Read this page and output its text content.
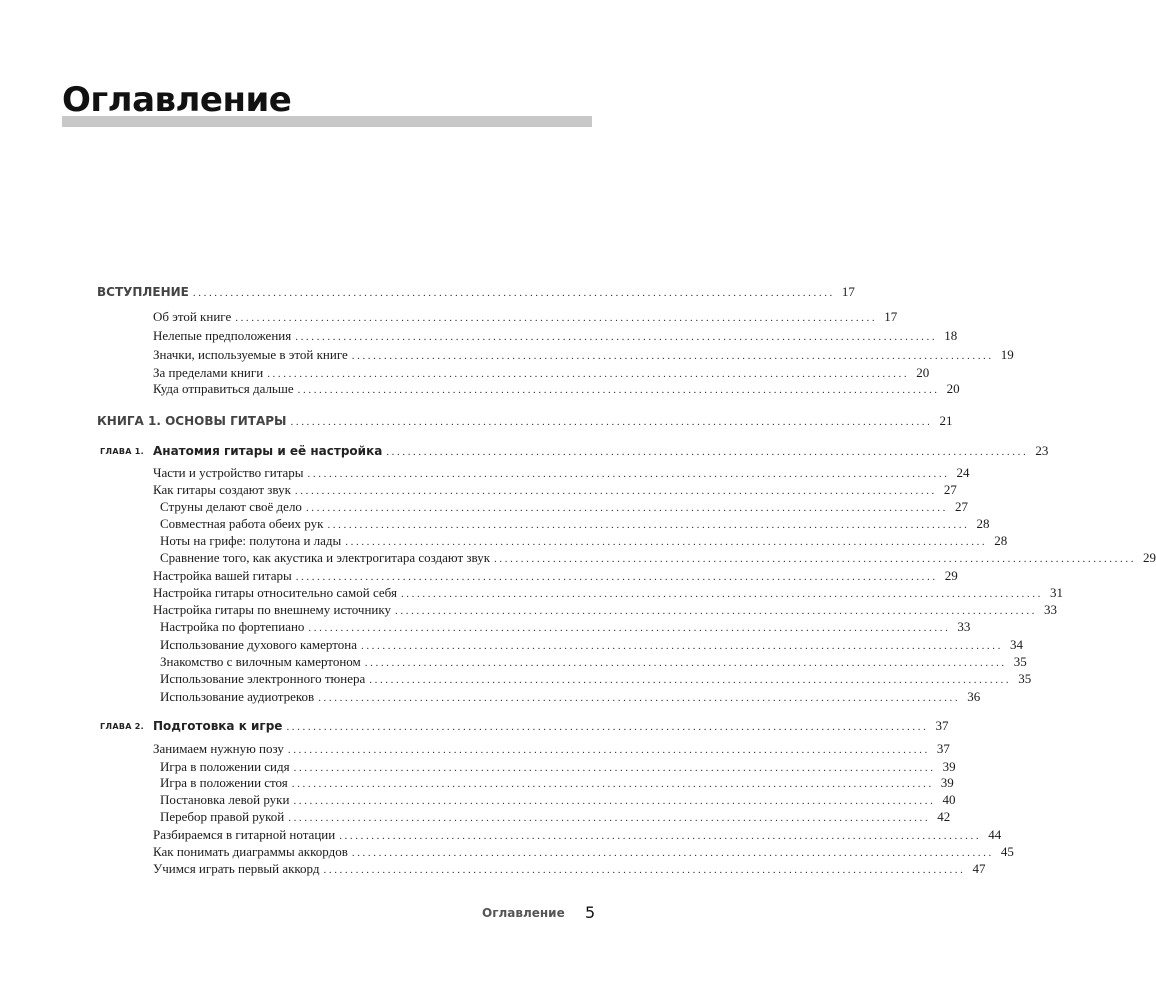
Оглавление
ВСТУПЛЕНИЕ ........................................................................................................................ 17
Об этой книге ........................................................................................................................ 17
Нелепые предположения ........................................................................................................................ 18
Значки, используемые в этой книге ........................................................................................................................ 19
За пределами книги ........................................................................................................................ 20
Куда отправиться дальше ........................................................................................................................ 20
КНИГА 1. ОСНОВЫ ГИТАРЫ ........................................................................................................................ 21
Анатомия гитары и её настройка ........................................................................................................................ 23
ГЛАВА 1.
Части и устройство гитары ........................................................................................................................ 24
Как гитары создают звук ........................................................................................................................ 27
Струны делают своё дело ........................................................................................................................ 27
Совместная работа обеих рук ........................................................................................................................ 28
Ноты на грифе: полутона и лады ........................................................................................................................ 28
Сравнение того, как акустика и электрогитара создают звук ........................................................................................................................ 29
Настройка вашей гитары ........................................................................................................................ 29
Настройка гитары относительно самой себя ........................................................................................................................ 31
Настройка гитары по внешнему источнику ........................................................................................................................ 33
Настройка по фортепиано ........................................................................................................................ 33
Использование духового камертона ........................................................................................................................ 34
Знакомство с вилочным камертоном ........................................................................................................................ 35
Использование электронного тюнера ........................................................................................................................ 35
Использование аудиотреков ........................................................................................................................ 36
Подготовка к игре ........................................................................................................................ 37
ГЛАВА 2.
Занимаем нужную позу ........................................................................................................................ 37
Игра в положении сидя ........................................................................................................................ 39
Игра в положении стоя ........................................................................................................................ 39
Постановка левой руки ........................................................................................................................ 40
Перебор правой рукой ........................................................................................................................ 42
Разбираемся в гитарной нотации ........................................................................................................................ 44
Как понимать диаграммы аккордов ........................................................................................................................ 45
Учимся играть первый аккорд ........................................................................................................................ 47
Оглавление 5
